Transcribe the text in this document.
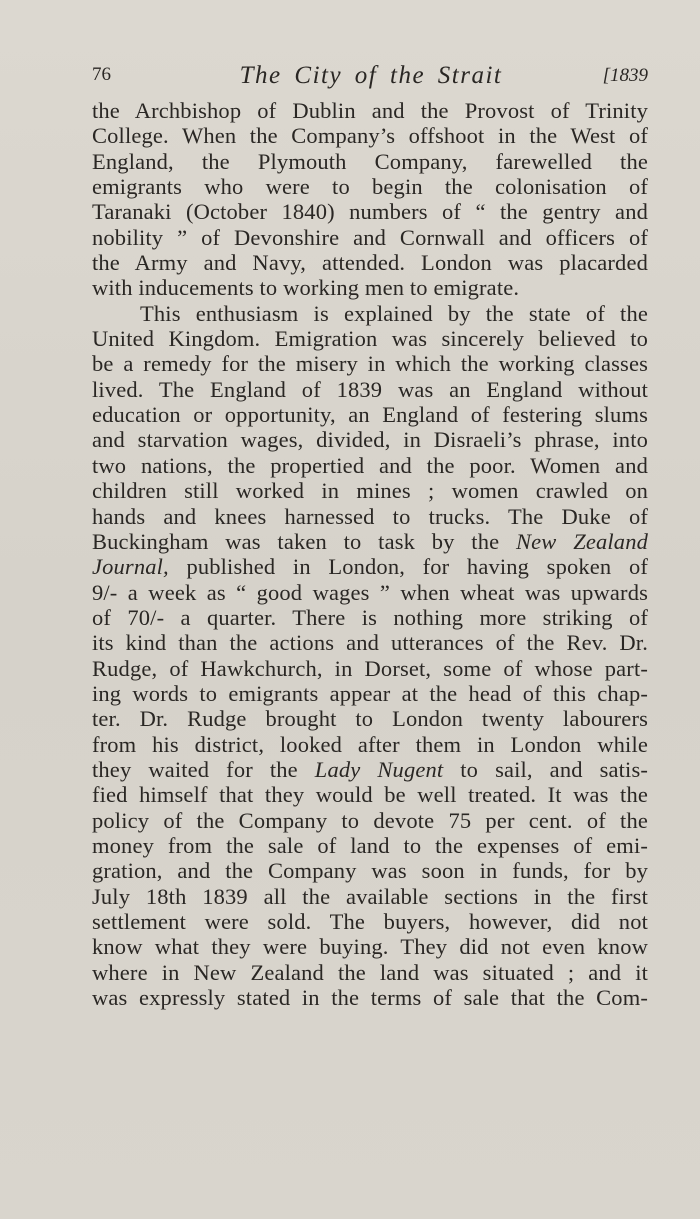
76	The City of the Strait	[1839
the Archbishop of Dublin and the Provost of Trinity
College. When the Company’s offshoot in the West of
England, the Plymouth Company, farewelled the
emigrants who were to begin the colonisation of
Taranaki (October 1840) numbers of “ the gentry and
nobility ” of Devonshire and Cornwall and officers of
the Army and Navy, attended. London was placarded
with inducements to working men to emigrate.
This enthusiasm is explained by the state of the
United Kingdom. Emigration was sincerely believed to
be a remedy for the misery in which the working classes
lived. The England of 1839 was an England without
education or opportunity, an England of festering slums
and starvation wages, divided, in Disraeli’s phrase, into
two nations, the propertied and the poor. Women and
children still worked in mines ; women crawled on
hands and knees harnessed to trucks. The Duke of
Buckingham was taken to task by the New Zealand
Journal, published in London, for having spoken of
9/- a week as “ good wages ” when wheat was upwards
of 70/- a quarter. There is nothing more striking of
its kind than the actions and utterances of the Rev. Dr.
Rudge, of Hawkchurch, in Dorset, some of whose part-
ing words to emigrants appear at the head of this chap-
ter. Dr. Rudge brought to London twenty labourers
from his district, looked after them in London while
they waited for the Lady Nugent to sail, and satis-
fied himself that they would be well treated. It was the
policy of the Company to devote 75 per cent. of the
money from the sale of land to the expenses of emi-
gration, and the Company was soon in funds, for by
July 18th 1839 all the available sections in the first
settlement were sold. The buyers, however, did not
know what they were buying. They did not even know
where in New Zealand the land was situated ; and it
was expressly stated in the terms of sale that the Com-
